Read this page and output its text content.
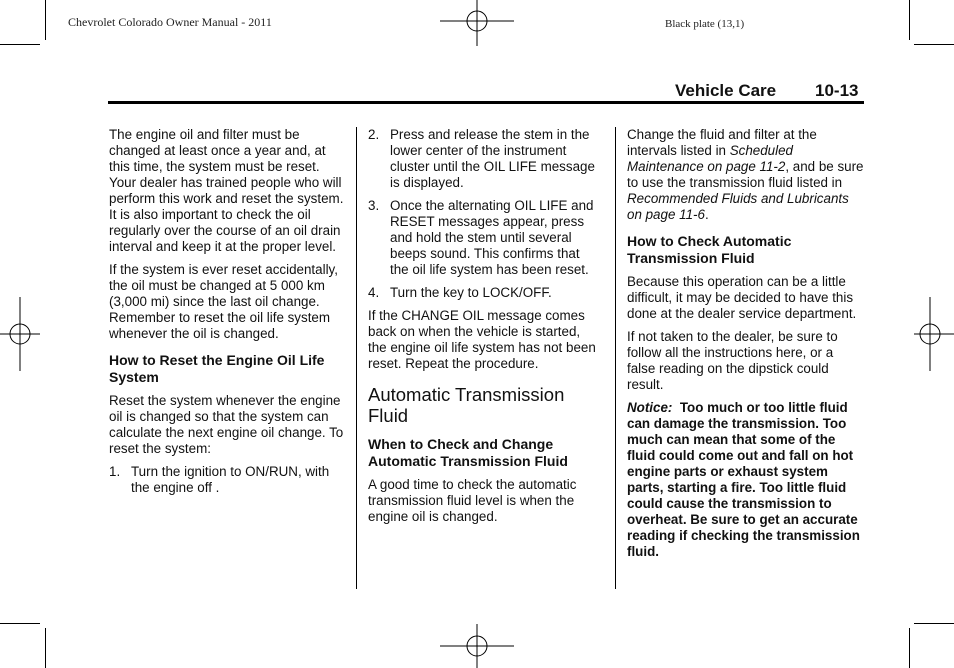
Chevrolet Colorado Owner Manual - 2011	Black plate (13,1)
Vehicle Care 10-13

The engine oil and filter must be changed at least once a year and, at this time, the system must be reset. Your dealer has trained people who will perform this work and reset the system. It is also important to check the oil regularly over the course of an oil drain interval and keep it at the proper level.

If the system is ever reset accidentally, the oil must be changed at 5 000 km (3,000 mi) since the last oil change. Remember to reset the oil life system whenever the oil is changed.

How to Reset the Engine Oil Life System

Reset the system whenever the engine oil is changed so that the system can calculate the next engine oil change. To reset the system:

1. Turn the ignition to ON/RUN, with the engine off .
2. Press and release the stem in the lower center of the instrument cluster until the OIL LIFE message is displayed.
3. Once the alternating OIL LIFE and RESET messages appear, press and hold the stem until several beeps sound. This confirms that the oil life system has been reset.
4. Turn the key to LOCK/OFF.

If the CHANGE OIL message comes back on when the vehicle is started, the engine oil life system has not been reset. Repeat the procedure.

Automatic Transmission Fluid
When to Check and Change Automatic Transmission Fluid

A good time to check the automatic transmission fluid level is when the engine oil is changed.

Change the fluid and filter at the intervals listed in Scheduled Maintenance on page 11-2, and be sure to use the transmission fluid listed in Recommended Fluids and Lubricants on page 11-6.

How to Check Automatic Transmission Fluid

Because this operation can be a little difficult, it may be decided to have this done at the dealer service department.

If not taken to the dealer, be sure to follow all the instructions here, or a false reading on the dipstick could result.

Notice: Too much or too little fluid can damage the transmission. Too much can mean that some of the fluid could come out and fall on hot engine parts or exhaust system parts, starting a fire. Too little fluid could cause the transmission to overheat. Be sure to get an accurate reading if checking the transmission fluid.
